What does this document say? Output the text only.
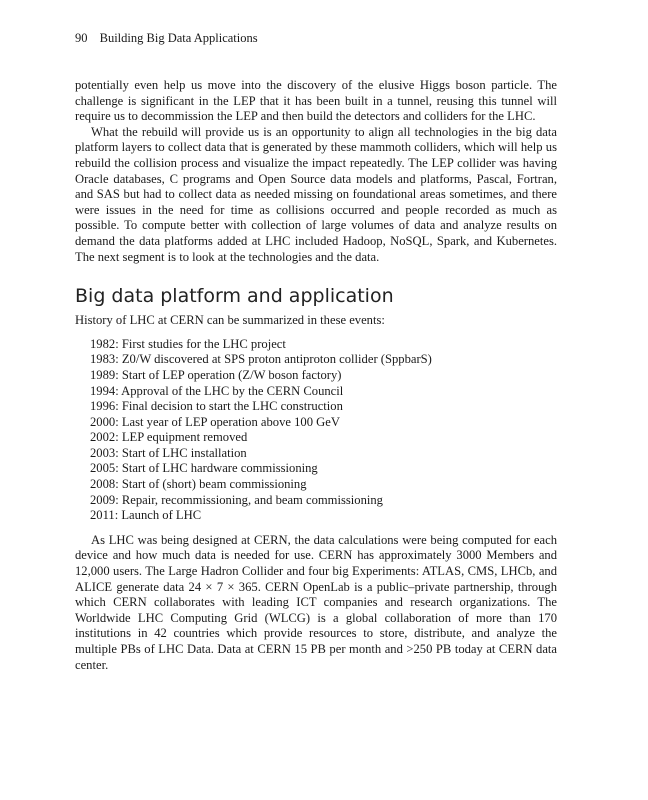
90 Building Big Data Applications

potentially even help us move into the discovery of the elusive Higgs boson particle. The challenge is significant in the LEP that it has been built in a tunnel, reusing this tunnel will require us to decommission the LEP and then build the detectors and colliders for the LHC.

What the rebuild will provide us is an opportunity to align all technologies in the big data platform layers to collect data that is generated by these mammoth colliders, which will help us rebuild the collision process and visualize the impact repeatedly. The LEP collider was having Oracle databases, C programs and Open Source data models and platforms, Pascal, Fortran, and SAS but had to collect data as needed missing on foundational areas sometimes, and there were issues in the need for time as collisions occurred and people recorded as much as possible. To compute better with collection of large volumes of data and analyze results on demand the data platforms added at LHC included Hadoop, NoSQL, Spark, and Kubernetes. The next segment is to look at the technologies and the data.

Big data platform and application

History of LHC at CERN can be summarized in these events:

1982: First studies for the LHC project
1983: Z0/W discovered at SPS proton antiproton collider (SppbarS)
1989: Start of LEP operation (Z/W boson factory)
1994: Approval of the LHC by the CERN Council
1996: Final decision to start the LHC construction
2000: Last year of LEP operation above 100 GeV
2002: LEP equipment removed
2003: Start of LHC installation
2005: Start of LHC hardware commissioning
2008: Start of (short) beam commissioning
2009: Repair, recommissioning, and beam commissioning
2011: Launch of LHC

As LHC was being designed at CERN, the data calculations were being computed for each device and how much data is needed for use. CERN has approximately 3000 Members and 12,000 users. The Large Hadron Collider and four big Experiments: ATLAS, CMS, LHCb, and ALICE generate data 24 × 7 × 365. CERN OpenLab is a public–private partnership, through which CERN collaborates with leading ICT companies and research organizations. The Worldwide LHC Computing Grid (WLCG) is a global collaboration of more than 170 institutions in 42 countries which provide resources to store, distribute, and analyze the multiple PBs of LHC Data. Data at CERN 15 PB per month and >250 PB today at CERN data center.
